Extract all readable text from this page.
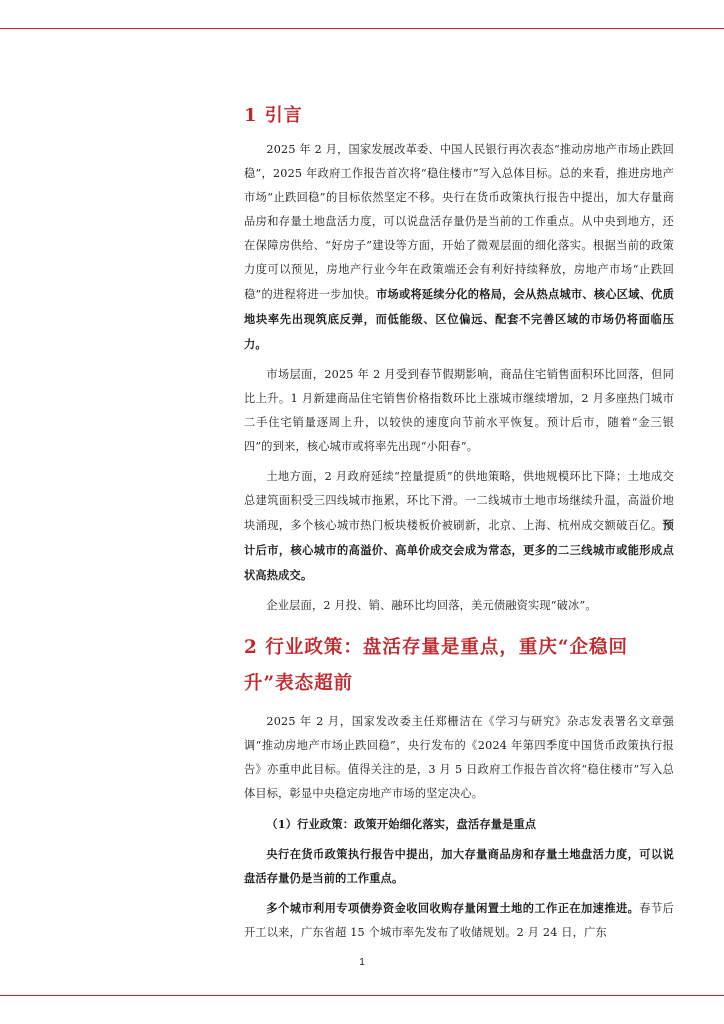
1 引言

2025 年 2 月，国家发展改革委、中国人民银行再次表态“推动房地产市场止跌回稳”，2025 年政府工作报告首次将“稳住楼市”写入总体目标。总的来看，推进房地产市场“止跌回稳”的目标依然坚定不移。央行在货币政策执行报告中提出，加大存量商品房和存量土地盘活力度，可以说盘活存量仍是当前的工作重点。从中央到地方，还在保障房供给、“好房子”建设等方面，开始了微观层面的细化落实。根据当前的政策力度可以预见，房地产行业今年在政策端还会有利好持续释放，房地产市场“止跌回稳”的进程将进一步加快。市场或将延续分化的格局，会从热点城市、核心区域、优质地块率先出现筑底反弹，而低能级、区位偏远、配套不完善区域的市场仍将面临压力。

市场层面，2025 年 2 月受到春节假期影响，商品住宅销售面积环比回落，但同比上升。1 月新建商品住宅销售价格指数环比上涨城市继续增加，2 月多座热门城市二手住宅销量逐周上升，以较快的速度向节前水平恢复。预计后市，随着“金三银四”的到来，核心城市或将率先出现“小阳春”。

土地方面，2 月政府延续“控量提质”的供地策略，供地规模环比下降；土地成交总建筑面积受三四线城市拖累，环比下滑。一二线城市土地市场继续升温，高溢价地块涌现，多个核心城市热门板块楼板价被刷新，北京、上海、杭州成交额破百亿。预计后市，核心城市的高溢价、高单价成交会成为常态，更多的二三线城市或能形成点状高热成交。

企业层面，2 月投、销、融环比均回落，美元债融资实现“破冰”。

2 行业政策：盘活存量是重点，重庆“企稳回升”表态超前

2025 年 2 月，国家发改委主任郑栅洁在《学习与研究》杂志发表署名文章强调“推动房地产市场止跌回稳”，央行发布的《2024 年第四季度中国货币政策执行报告》亦重申此目标。值得关注的是，3 月 5 日政府工作报告首次将“稳住楼市”写入总体目标，彰显中央稳定房地产市场的坚定决心。

（1）行业政策：政策开始细化落实，盘活存量是重点

央行在货币政策执行报告中提出，加大存量商品房和存量土地盘活力度，可以说盘活存量仍是当前的工作重点。

多个城市利用专项债券资金收回收购存量闲置土地的工作正在加速推进。春节后开工以来，广东省超 15 个城市率先发布了收储规划。2 月 24 日，广东

1
